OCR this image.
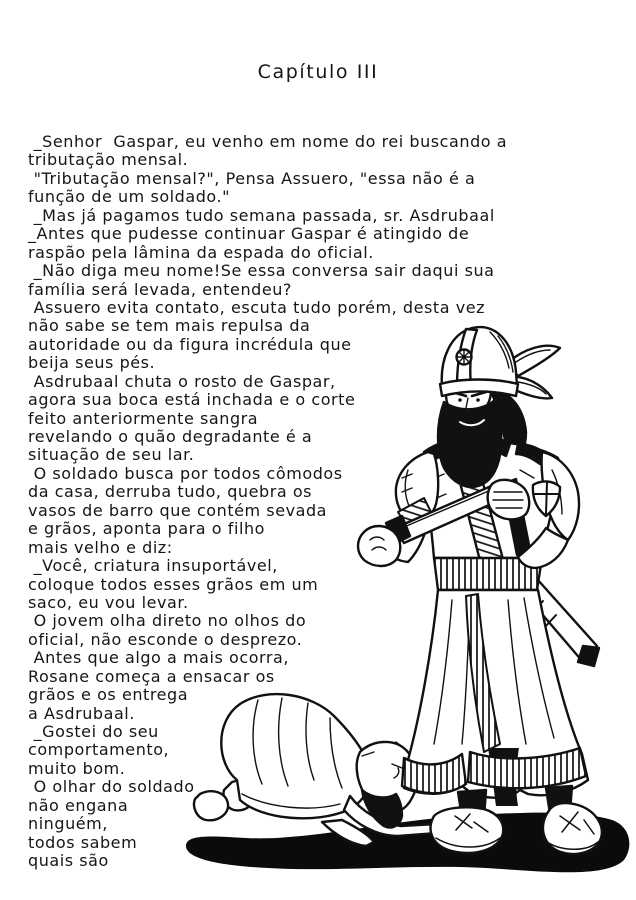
Capítulo III
_Senhor  Gaspar, eu venho em nome do rei buscando a
tributação mensal.
"Tributação mensal?", Pensa Assuero, "essa não é a
função de um soldado."
_Mas já pagamos tudo semana passada, sr. Asdrubaal
_Antes que pudesse continuar Gaspar é atingido de
raspão pela lâmina da espada do oficial.
_Não diga meu nome!Se essa conversa sair daqui sua
família será levada, entendeu?
Assuero evita contato, escuta tudo porém, desta vez
não sabe se tem mais repulsa da
autoridade ou da figura incrédula que
beija seus pés.
Asdrubaal chuta o rosto de Gaspar,
agora sua boca está inchada e o corte
feito anteriormente sangra
revelando o quão degradante é a
situação de seu lar.
O soldado busca por todos cômodos
da casa, derruba tudo, quebra os
vasos de barro que contém sevada
e grãos, aponta para o filho
mais velho e diz:
_Você, criatura insuportável,
coloque todos esses grãos em um
saco, eu vou levar.
O jovem olha direto no olhos do
oficial, não esconde o desprezo.
Antes que algo a mais ocorra,
Rosane começa a ensacar os
grãos e os entrega
a Asdrubaal.
_Gostei do seu
comportamento,
muito bom.
O olhar do soldado
não engana
ninguém,
todos sabem
quais são
